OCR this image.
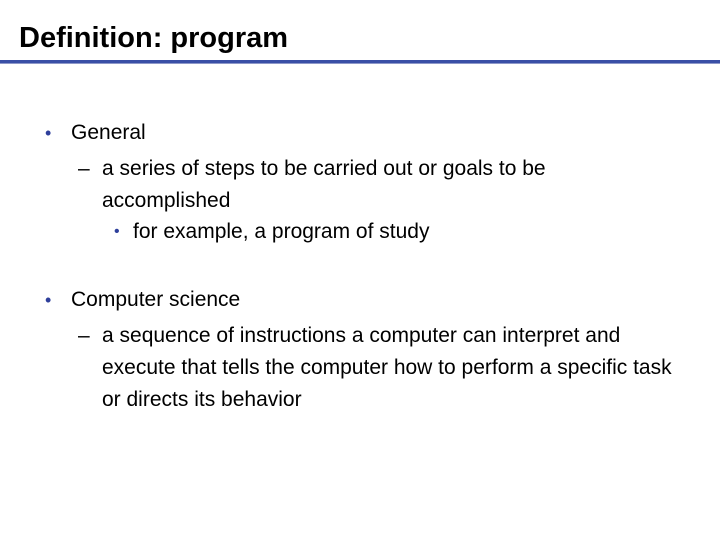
Definition: program
• General
– a series of steps to be carried out or goals to be accomplished
• for example, a program of study
• Computer science
– a sequence of instructions a computer can interpret and execute that tells the computer how to perform a specific task or directs its behavior
